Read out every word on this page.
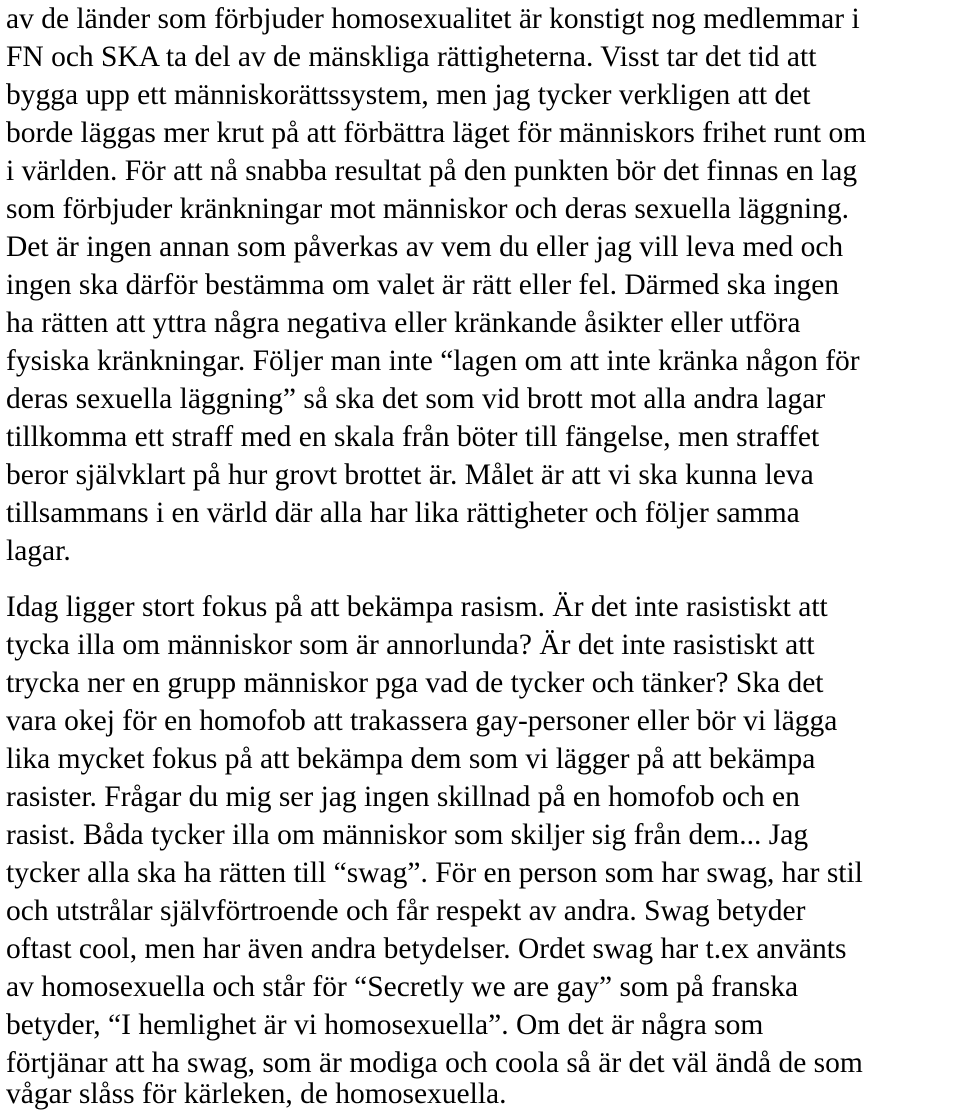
av de länder som förbjuder homosexualitet är konstigt nog medlemmar i
FN och SKA ta del av de mänskliga rättigheterna. Visst tar det tid att
bygga upp ett människorättssystem, men jag tycker verkligen att det
borde läggas mer krut på att förbättra läget för människors frihet runt om
i världen. För att nå snabba resultat på den punkten bör det finnas en lag
som förbjuder kränkningar mot människor och deras sexuella läggning.
Det är ingen annan som påverkas av vem du eller jag vill leva med och
ingen ska därför bestämma om valet är rätt eller fel. Därmed ska ingen
ha rätten att yttra några negativa eller kränkande åsikter eller utföra
fysiska kränkningar. Följer man inte “lagen om att inte kränka någon för
deras sexuella läggning” så ska det som vid brott mot alla andra lagar
tillkomma ett straff med en skala från böter till fängelse, men straffet
beror självklart på hur grovt brottet är. Målet är att vi ska kunna leva
tillsammans i en värld där alla har lika rättigheter och följer samma
lagar.
Idag ligger stort fokus på att bekämpa rasism. Är det inte rasistiskt att
tycka illa om människor som är annorlunda? Är det inte rasistiskt att
trycka ner en grupp människor pga vad de tycker och tänker? Ska det
vara okej för en homofob att trakassera gay-personer eller bör vi lägga
lika mycket fokus på att bekämpa dem som vi lägger på att bekämpa
rasister. Frågar du mig ser jag ingen skillnad på en homofob och en
rasist. Båda tycker illa om människor som skiljer sig från dem... Jag
tycker alla ska ha rätten till “swag”. För en person som har swag, har stil
och utstrålar självförtroende och får respekt av andra. Swag betyder
oftast cool, men har även andra betydelser. Ordet swag har t.ex använts
av homosexuella och står för “Secretly we are gay” som på franska
betyder, “I hemlighet är vi homosexuella”. Om det är några som
förtjänar att ha swag, som är modiga och coola så är det väl ändå de som
vågar slåss för kärleken, de homosexuella.
